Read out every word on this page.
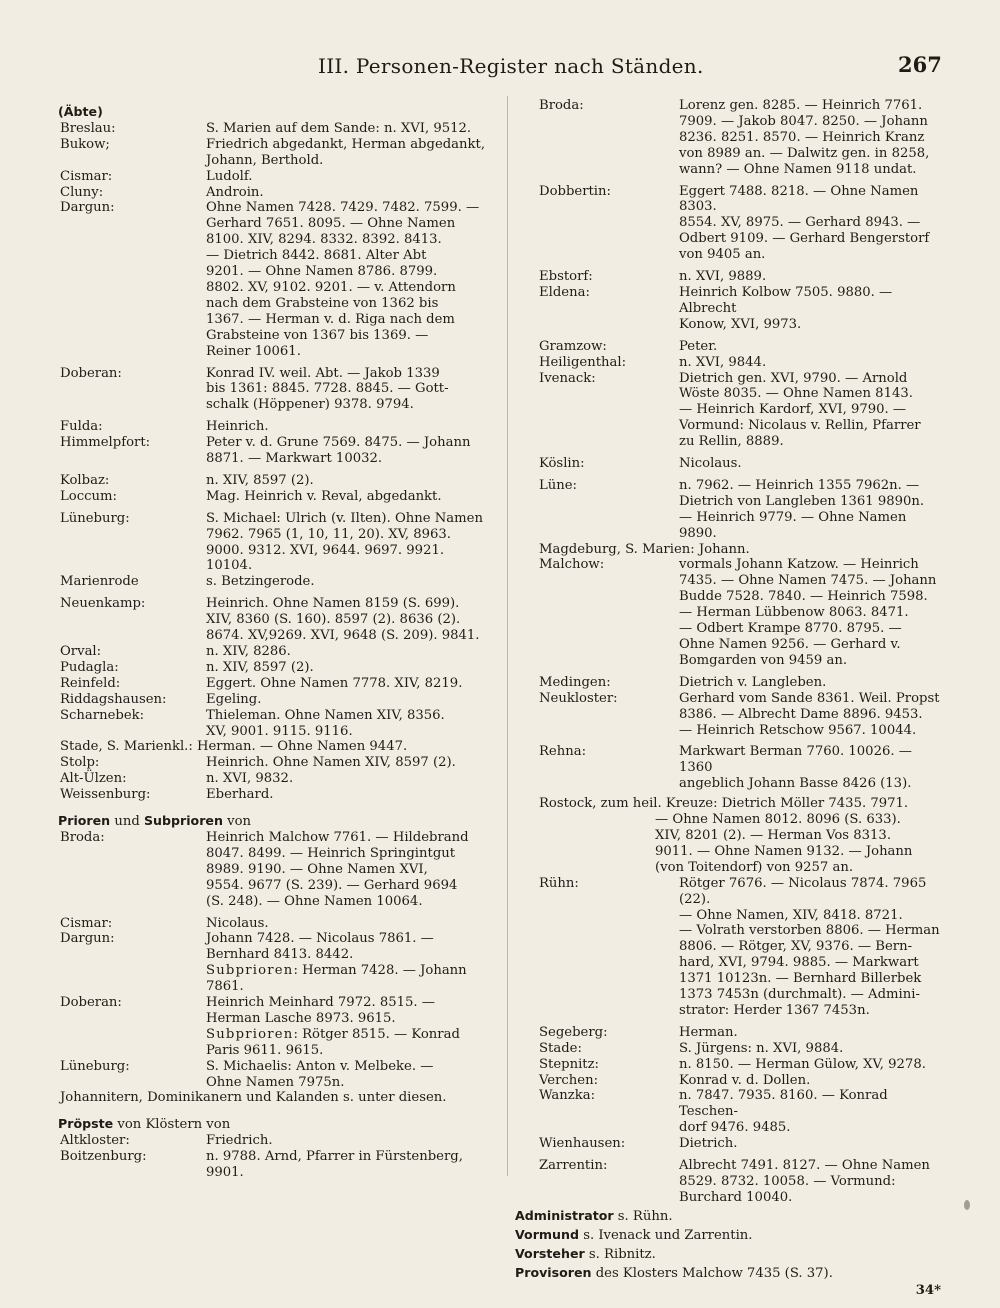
III. Personen-Register nach Ständen.	267
(Äbte)
Breslau:	S. Marien auf dem Sande: n. XVI, 9512.
Bukow;	Friedrich abgedankt, Herman abgedankt,
Johann, Berthold.
Cismar:	Ludolf.
Cluny:	Androin.
Dargun:	Ohne Namen 7428. 7429. 7482. 7599. —
Gerhard 7651. 8095. — Ohne Namen
8100. XIV, 8294. 8332. 8392. 8413.
— Dietrich 8442. 8681. Alter Abt
9201. — Ohne Namen 8786. 8799.
8802. XV, 9102. 9201. — v. Attendorn
nach dem Grabsteine von 1362 bis
1367. — Herman v. d. Riga nach dem
Grabsteine von 1367 bis 1369. —
Reiner 10061.
Doberan:	Konrad IV. weil. Abt. — Jakob 1339
bis 1361: 8845. 7728. 8845. — Gott-
schalk (Höppener) 9378. 9794.
Fulda:	Heinrich.
Himmelpfort:	Peter v. d. Grune 7569. 8475. — Johann
8871. — Markwart 10032.
Kolbaz:	n. XIV, 8597 (2).
Loccum:	Mag. Heinrich v. Reval, abgedankt.
Lüneburg:	S. Michael: Ulrich (v. Ilten). Ohne Namen
7962. 7965 (1, 10, 11, 20). XV, 8963.
9000. 9312. XVI, 9644. 9697. 9921.
10104.
Marienrode	s. Betzingerode.
Neuenkamp:	Heinrich. Ohne Namen 8159 (S. 699).
XIV, 8360 (S. 160). 8597 (2). 8636 (2).
8674. XV,9269. XVI, 9648 (S. 209). 9841.
Orval:	n. XIV, 8286.
Pudagla:	n. XIV, 8597 (2).
Reinfeld:	Eggert. Ohne Namen 7778. XIV, 8219.
Riddagshausen:	Egeling.
Scharnebek:	Thieleman. Ohne Namen XIV, 8356.
XV, 9001. 9115. 9116.
Stade, S. Marienkl.: Herman. — Ohne Namen 9447.
Stolp:	Heinrich. Ohne Namen XIV, 8597 (2).
Alt-Ülzen:	n. XVI, 9832.
Weissenburg:	Eberhard.
Prioren und Subprioren von
Broda:	Heinrich Malchow 7761. — Hildebrand
8047. 8499. — Heinrich Springintgut
8989. 9190. — Ohne Namen XVI,
9554. 9677 (S. 239). — Gerhard 9694
(S. 248). — Ohne Namen 10064.
Cismar:	Nicolaus.
Dargun:	Johann 7428. — Nicolaus 7861. —
Bernhard 8413. 8442.
Subprioren: Herman 7428. — Johann
7861.
Doberan:	Heinrich Meinhard 7972. 8515. —
Herman Lasche 8973. 9615.
Subprioren: Rötger 8515. — Konrad
Paris 9611. 9615.
Lüneburg:	S. Michaelis: Anton v. Melbeke. —
Ohne Namen 7975n.
Johannitern, Dominikanern und Kalanden s. unter diesen.
Pröpste von Klöstern von
Altkloster:	Friedrich.
Boitzenburg:	n. 9788. Arnd, Pfarrer in Fürstenberg,
9901.
Broda:	Lorenz gen. 8285. — Heinrich 7761.
7909. — Jakob 8047. 8250. — Johann
8236. 8251. 8570. — Heinrich Kranz
von 8989 an. — Dalwitz gen. in 8258,
wann? — Ohne Namen 9118 undat.
Dobbertin:	Eggert 7488. 8218. — Ohne Namen 8303.
8554. XV, 8975. — Gerhard 8943. —
Odbert 9109. — Gerhard Bengerstorf
von 9405 an.
Ebstorf:	n. XVI, 9889.
Eldena:	Heinrich Kolbow 7505. 9880. — Albrecht
Konow, XVI, 9973.
Gramzow:	Peter.
Heiligenthal:	n. XVI, 9844.
Ivenack:	Dietrich gen. XVI, 9790. — Arnold
Wöste 8035. — Ohne Namen 8143.
— Heinrich Kardorf, XVI, 9790. —
Vormund: Nicolaus v. Rellin, Pfarrer
zu Rellin, 8889.
Köslin:	Nicolaus.
Lüne:	n. 7962. — Heinrich 1355 7962n. —
Dietrich von Langleben 1361 9890n.
— Heinrich 9779. — Ohne Namen
9890.
Magdeburg, S. Marien: Johann.
Malchow:	vormals Johann Katzow. — Heinrich
7435. — Ohne Namen 7475. — Johann
Budde 7528. 7840. — Heinrich 7598.
— Herman Lübbenow 8063. 8471.
— Odbert Krampe 8770. 8795. —
Ohne Namen 9256. — Gerhard v.
Bomgarden von 9459 an.
Medingen:	Dietrich v. Langleben.
Neukloster:	Gerhard vom Sande 8361. Weil. Propst
8386. — Albrecht Dame 8896. 9453.
— Heinrich Retschow 9567. 10044.
Rehna:	Markwart Berman 7760. 10026. — 1360
angeblich Johann Basse 8426 (13).
Rostock, zum heil. Kreuze: Dietrich Möller 7435. 7971.
— Ohne Namen 8012. 8096 (S. 633).
XIV, 8201 (2). — Herman Vos 8313.
9011. — Ohne Namen 9132. — Johann
(von Toitendorf) von 9257 an.
Rühn:	Rötger 7676. — Nicolaus 7874. 7965 (22).
— Ohne Namen, XIV, 8418. 8721.
— Volrath verstorben 8806. — Herman
8806. — Rötger, XV, 9376. — Bern-
hard, XVI, 9794. 9885. — Markwart
1371 10123n. — Bernhard Billerbek
1373 7453n (durchmalt). — Admini-
strator: Herder 1367 7453n.
Segeberg:	Herman.
Stade:	S. Jürgens: n. XVI, 9884.
Stepnitz:	n. 8150. — Herman Gülow, XV, 9278.
Verchen:	Konrad v. d. Dollen.
Wanzka:	n. 7847. 7935. 8160. — Konrad Teschen-
dorf 9476. 9485.
Wienhausen:	Dietrich.
Zarrentin:	Albrecht 7491. 8127. — Ohne Namen
8529. 8732. 10058. — Vormund:
Burchard 10040.
Administrator s. Rühn.
Vormund s. Ivenack und Zarrentin.
Vorsteher s. Ribnitz.
Provisoren des Klosters Malchow 7435 (S. 37).
34*
